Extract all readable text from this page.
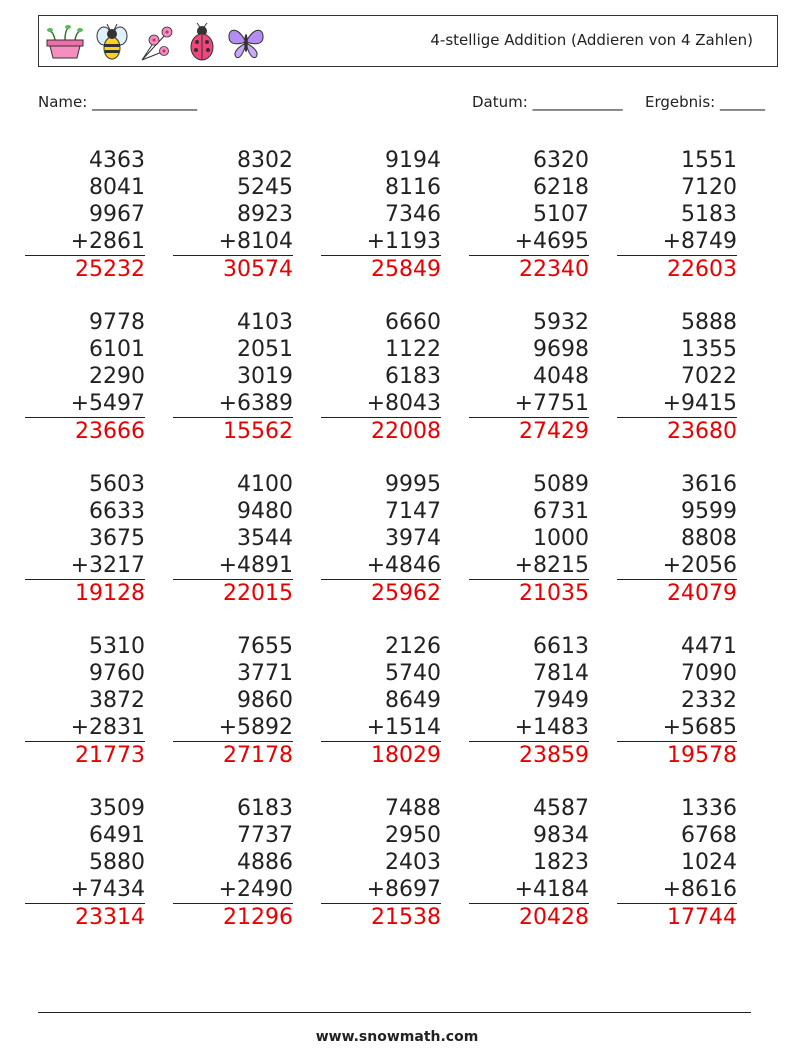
4-stellige Addition (Addieren von 4 Zahlen)
Name: ______________	Datum: ____________ Ergebnis: ______
4363
8041
9967
+2861
25232
8302
5245
8923
+8104
30574
9194
8116
7346
+1193
25849
6320
6218
5107
+4695
22340
1551
7120
5183
+8749
22603
9778
6101
2290
+5497
23666
4103
2051
3019
+6389
15562
6660
1122
6183
+8043
22008
5932
9698
4048
+7751
27429
5888
1355
7022
+9415
23680
5603
6633
3675
+3217
19128
4100
9480
3544
+4891
22015
9995
7147
3974
+4846
25962
5089
6731
1000
+8215
21035
3616
9599
8808
+2056
24079
5310
9760
3872
+2831
21773
7655
3771
9860
+5892
27178
2126
5740
8649
+1514
18029
6613
7814
7949
+1483
23859
4471
7090
2332
+5685
19578
3509
6491
5880
+7434
23314
6183
7737
4886
+2490
21296
7488
2950
2403
+8697
21538
4587
9834
1823
+4184
20428
1336
6768
1024
+8616
17744
www.snowmath.com
